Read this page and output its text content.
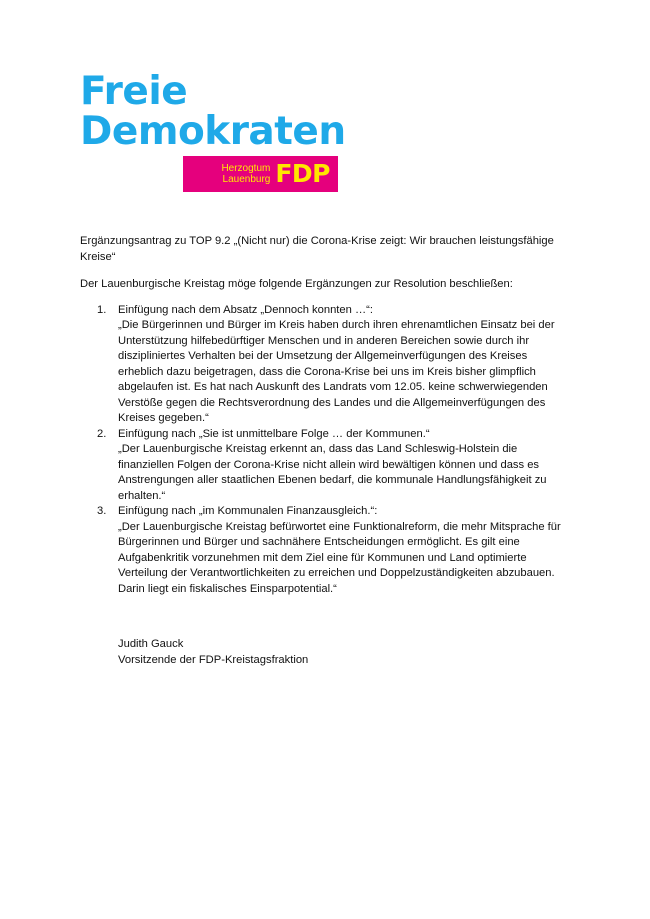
Freie
Demokraten
Herzogtum
Lauenburg FDP

Ergänzungsantrag zu TOP 9.2 „(Nicht nur) die Corona-Krise zeigt: Wir brauchen leistungsfähige Kreise“

Der Lauenburgische Kreistag möge folgende Ergänzungen zur Resolution beschließen:

1. Einfügung nach dem Absatz „Dennoch konnten …“:
„Die Bürgerinnen und Bürger im Kreis haben durch ihren ehrenamtlichen Einsatz bei der Unterstützung hilfebedürftiger Menschen und in anderen Bereichen sowie durch ihr diszipliniertes Verhalten bei der Umsetzung der Allgemeinverfügungen des Kreises erheblich dazu beigetragen, dass die Corona-Krise bei uns im Kreis bisher glimpflich abgelaufen ist. Es hat nach Auskunft des Landrats vom 12.05. keine schwerwiegenden Verstöße gegen die Rechtsverordnung des Landes und die Allgemeinverfügungen des Kreises gegeben.“
2. Einfügung nach „Sie ist unmittelbare Folge … der Kommunen.“
„Der Lauenburgische Kreistag erkennt an, dass das Land Schleswig-Holstein die finanziellen Folgen der Corona-Krise nicht allein wird bewältigen können und dass es Anstrengungen aller staatlichen Ebenen bedarf, die kommunale Handlungsfähigkeit zu erhalten.“
3. Einfügung nach „im Kommunalen Finanzausgleich.“:
„Der Lauenburgische Kreistag befürwortet eine Funktionalreform, die mehr Mitsprache für Bürgerinnen und Bürger und sachnähere Entscheidungen ermöglicht. Es gilt eine Aufgabenkritik vorzunehmen mit dem Ziel eine für Kommunen und Land optimierte Verteilung der Verantwortlichkeiten zu erreichen und Doppelzuständigkeiten abzubauen. Darin liegt ein fiskalisches Einsparpotential.“
Judith Gauck
Vorsitzende der FDP-Kreistagsfraktion
